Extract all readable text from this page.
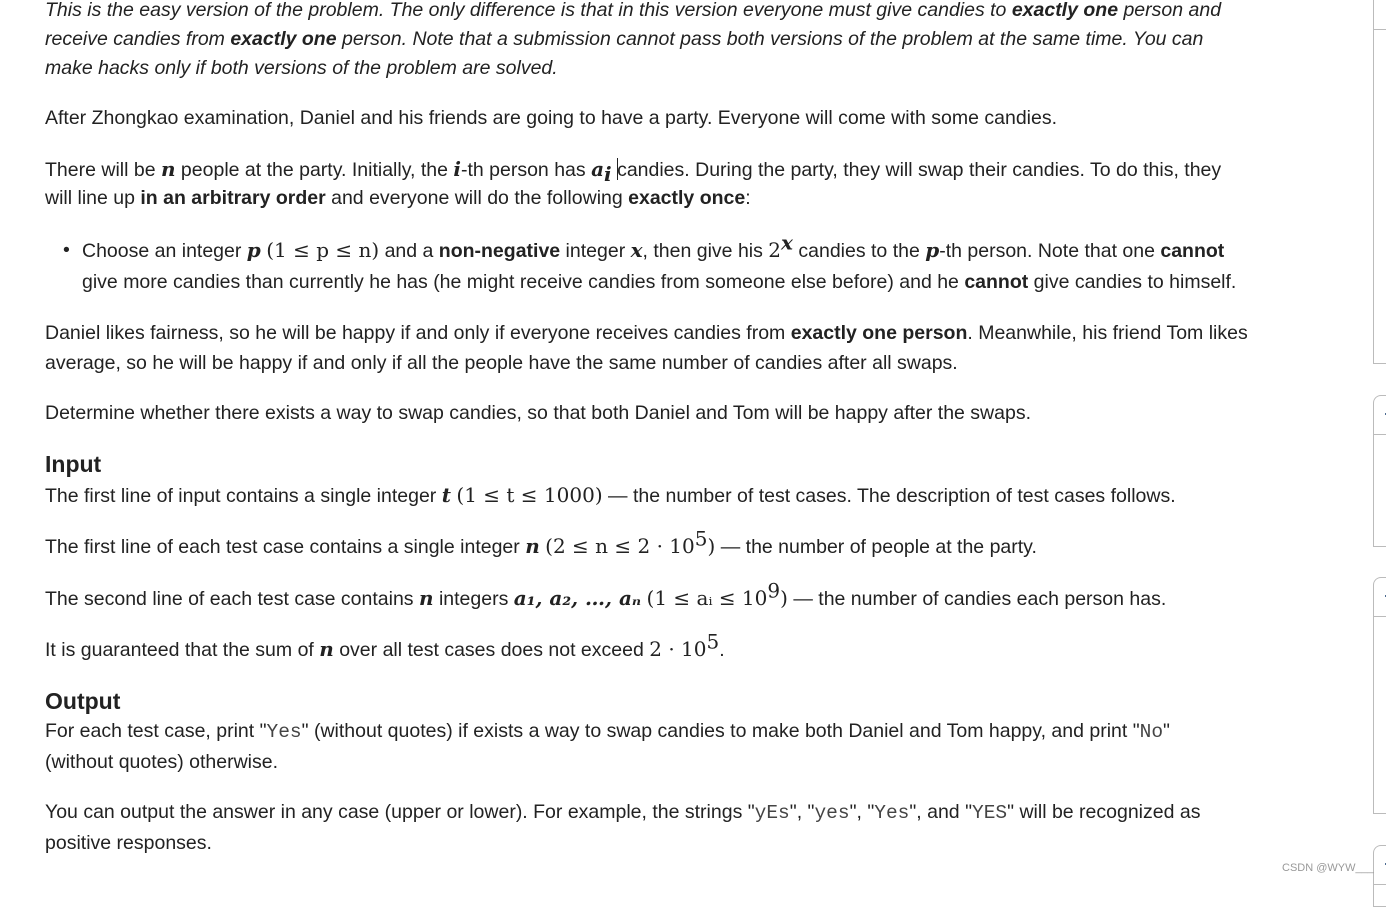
This is the easy version of the problem. The only difference is that in this version everyone must give candies to exactly one person and

receive candies from exactly one person. Note that a submission cannot pass both versions of the problem at the same time. You can

make hacks only if both versions of the problem are solved.

After Zhongkao examination, Daniel and his friends are going to have a party. Everyone will come with some candies.

There will be n people at the party. Initially, the i-th person has $a_i$ candies. During the party, they will swap their candies. To do this, they

will line up in an arbitrary order and everyone will do the following exactly once:

• Choose an integer p (1 ≤ p ≤ n) and a non-negative integer x, then give his 2$^x$ candies to the p-th person. Note that one cannot

give more candies than currently he has (he might receive candies from someone else before) and he cannot give candies to himself.

Daniel likes fairness, so he will be happy if and only if everyone receives candies from exactly one person. Meanwhile, his friend Tom likes

average, so he will be happy if and only if all the people have the same number of candies after all swaps.

Determine whether there exists a way to swap candies, so that both Daniel and Tom will be happy after the swaps.

Input

The first line of input contains a single integer t (1 ≤ t ≤ 1000) — the number of test cases. The description of test cases follows.

The first line of each test case contains a single integer n $(2 \le n \le 2 \cdot 10^5)$ — the number of people at the party.

The second line of each test case contains n integers a₁, a₂, …, aₙ (1 ≤ aᵢ ≤ $10^9$) — the number of candies each person has.

It is guaranteed that the sum of n over all test cases does not exceed $2 \cdot 10^5$.

Output

For each test case, print "Yes" (without quotes) if exists a way to swap candies to make both Daniel and Tom happy, and print "No"

(without quotes) otherwise.

You can output the answer in any case (upper or lower). For example, the strings "yEs", "yes", "Yes", and "YES" will be recognized as

positive responses.

CSDN @WYW___
